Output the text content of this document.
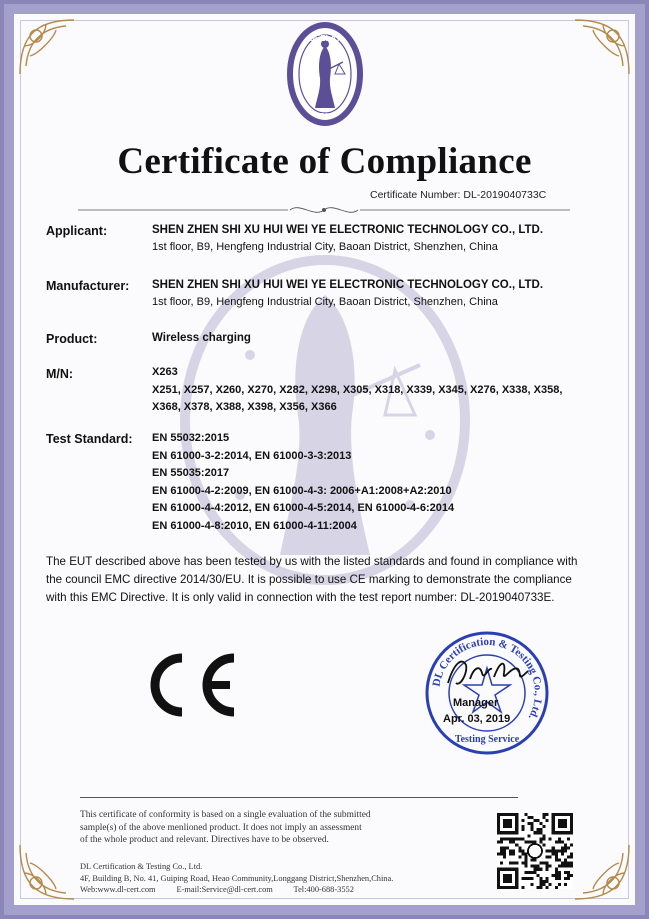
DEELAY
DL
Certificate of Compliance
Certificate Number: DL-2019040733C
Applicant:	SHEN ZHEN SHI XU HUI WEI YE ELECTRONIC TECHNOLOGY CO., LTD.
1st floor, B9, Hengfeng Industrial City, Baoan District, Shenzhen, China
Manufacturer: SHEN ZHEN SHI XU HUI WEI YE ELECTRONIC TECHNOLOGY CO., LTD.
1st floor, B9, Hengfeng Industrial City, Baoan District, Shenzhen, China
Product:	Wireless charging
M/N:	X263
X251, X257, X260, X270, X282, X298, X305, X318, X339, X345, X276, X338, X358,
X368, X378, X388, X398, X356, X366
Test Standard: EN 55032:2015
EN 61000-3-2:2014, EN 61000-3-3:2013
EN 55035:2017
EN 61000-4-2:2009, EN 61000-4-3: 2006+A1:2008+A2:2010
EN 61000-4-4:2012, EN 61000-4-5:2014, EN 61000-4-6:2014
EN 61000-4-8:2010, EN 61000-4-11:2004
The EUT described above has been tested by us with the listed standards and found in compliance with
the council EMC directive 2014/30/EU. It is possible to use CE marking to demonstrate the compliance
with this EMC Directive. It is only valid in connection with the test report number: DL-2019040733E.
DL Certification & Testing Co., Ltd.
Testing Service
Jade Lin
Manager
Apr. 03, 2019
This certificate of conformity is based on a single evaluation of the submitted
sample(s) of the above menlioned product. It does not imply an assessment
of the whole product and relevant. Directives have to be observed.
DL Certification & Testing Co., Ltd.
4F, Building B, No. 41, Guiping Road, Heao Community,Longgang District,Shenzhen,China.
Web:www.dl-cert.com          E-mail:Service@dl-cert.com          Tel:400-688-3552
